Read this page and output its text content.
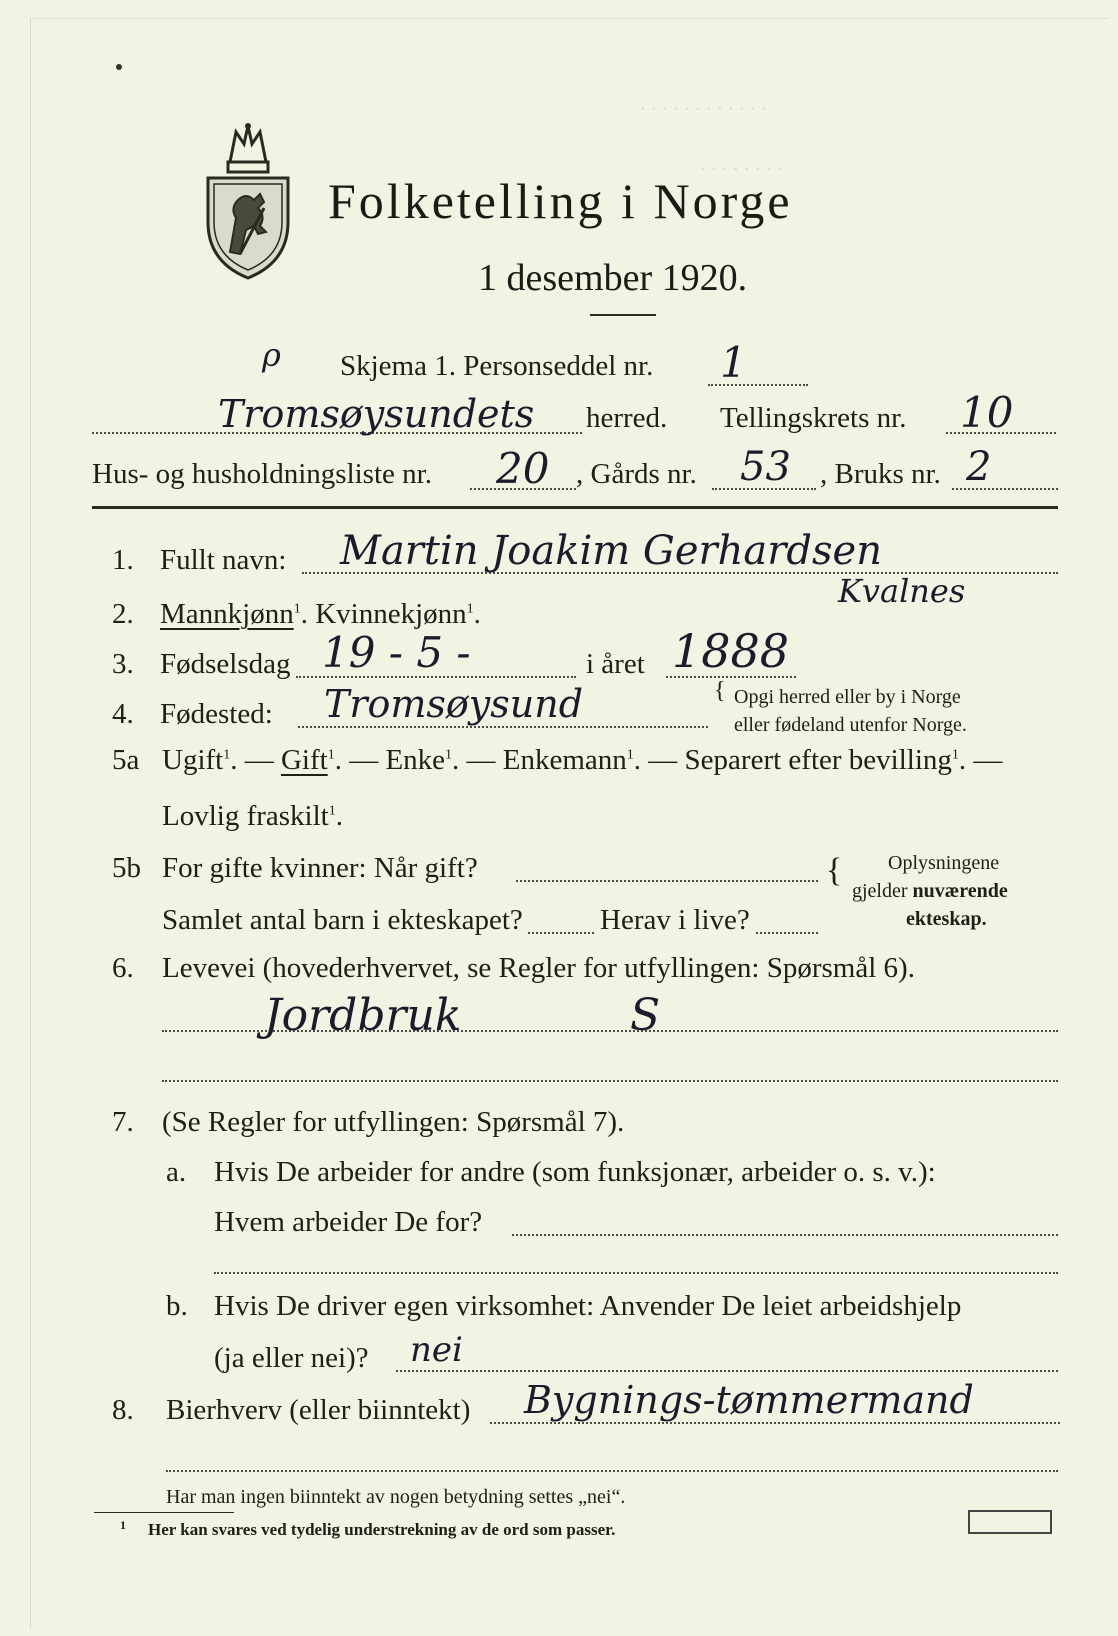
. . . . . . . . . . . .
. . . . . . . .
Folketelling i Norge
1 desember 1920.
ρ Skjema 1. Personseddel nr. 1
Tromsøysundets herred. Tellingskrets nr. 10
Hus- og husholdningsliste nr. 20 , Gårds nr. 53 , Bruks nr. 2
1. Fullt navn: Martin Joakim Gerhardsen
Kvalnes
2. Mannkjønn$^1$. Kvinnekjønn$^1$.
3. Fødselsdag 19 - 5 -	i året 1888
4. Fødested: Tromsøysund	{ Opgi herred eller by i Norge
eller fødeland utenfor Norge.
5a Ugift$^1$. — Gift$^1$. — Enke$^1$. — Enkemann$^1$. — Separert efter bevilling$^1$. —
Lovlig fraskilt$^1$.
5b For gifte kvinner: Når gift?
Samlet antal barn i ekteskapet?	Herav i live?
{ Oplysningene
gjelder nuværende
ekteskap.
6. Levevei (hovederhvervet, se Regler for utfyllingen: Spørsmål 6).
Jordbruk	S
7. (Se Regler for utfyllingen: Spørsmål 7).
a. Hvis De arbeider for andre (som funksjonær, arbeider o. s. v.):
Hvem arbeider De for?
b. Hvis De driver egen virksomhet: Anvender De leiet arbeidshjelp
(ja eller nei)? nei
8. Bierhverv (eller biinntekt) Bygnings-tømmermand
Har man ingen biinntekt av nogen betydning settes „nei“.
1 Her kan svares ved tydelig understrekning av de ord som passer.
